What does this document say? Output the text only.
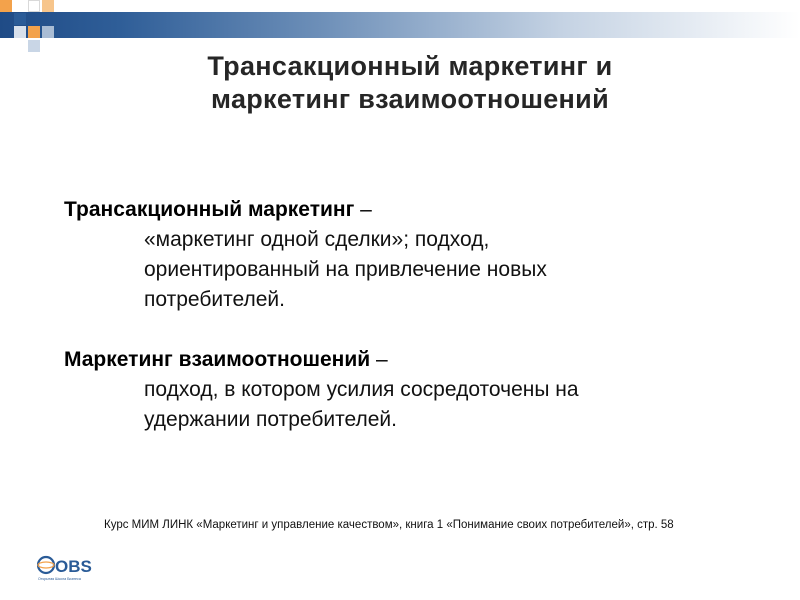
Трансакционный маркетинг и
маркетинг взаимоотношений
Трансакционный маркетинг –
«маркетинг одной сделки»; подход,
ориентированный на привлечение новых
потребителей.
Маркетинг взаимоотношений –
подход, в котором усилия сосредоточены на
удержании потребителей.
Курс МИМ ЛИНК «Маркетинг и управление качеством», книга 1 «Понимание своих потребителей», стр. 58
OBS
Открытая Школа Бизнеса
